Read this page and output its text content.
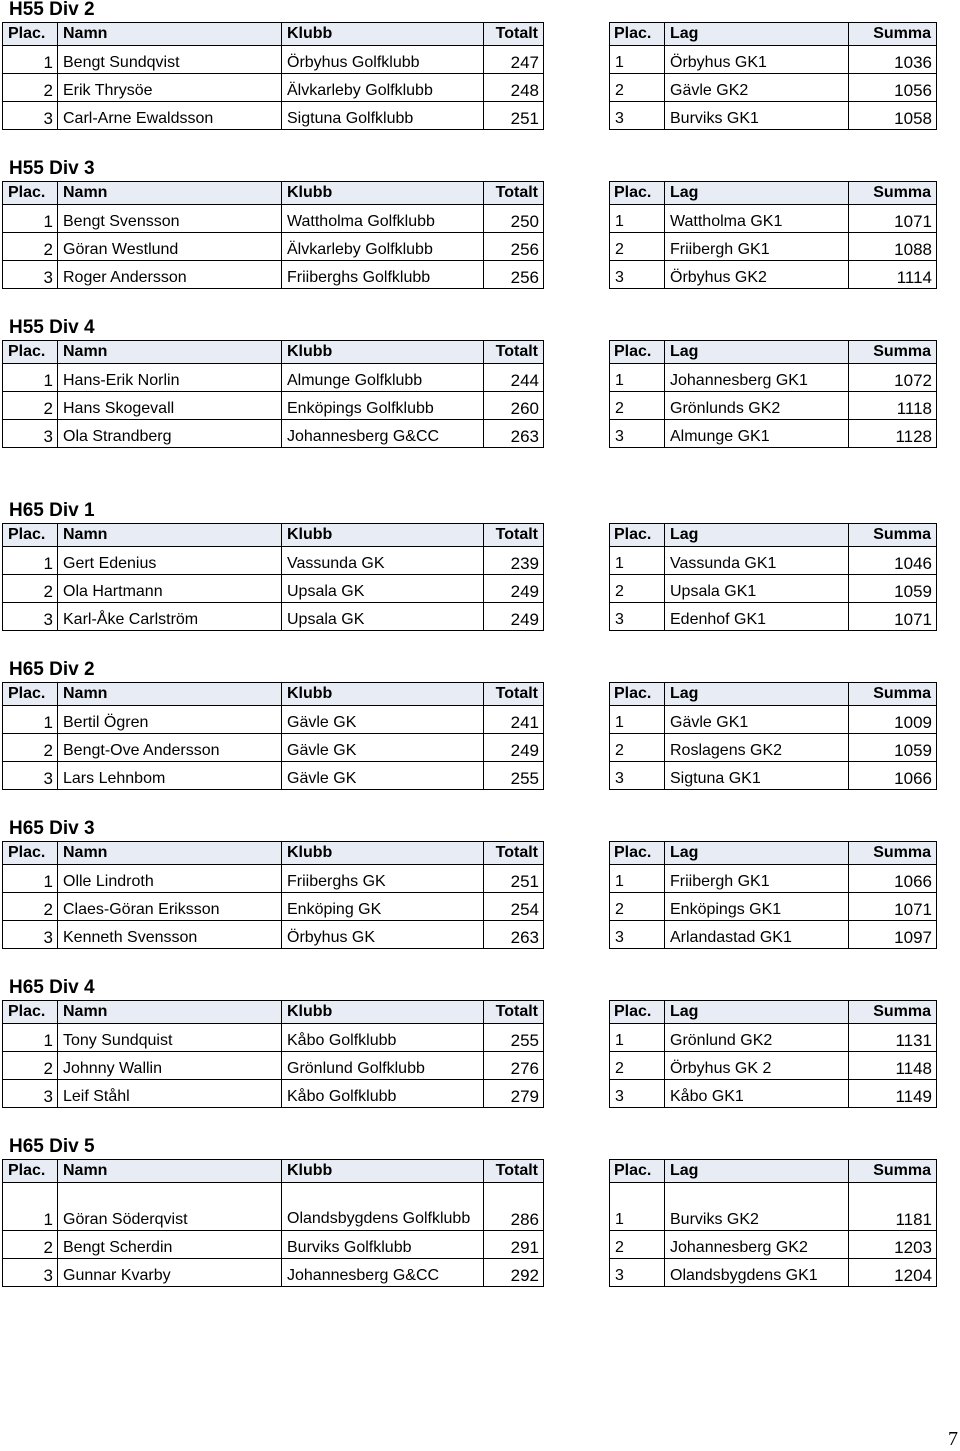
H55 Div 2
Plac.	Namn	Klubb	Totalt
1	Bengt Sundqvist	Örbyhus Golfklubb	247
2	Erik Thrysöe	Älvkarleby Golfklubb	248
3	Carl-Arne Ewaldsson	Sigtuna Golfklubb	251
Plac.	Lag	Summa
1	Örbyhus GK1	1036
2	Gävle GK2	1056
3	Burviks GK1	1058
H55 Div 3
Plac.	Namn	Klubb	Totalt
1	Bengt Svensson	Wattholma Golfklubb	250
2	Göran Westlund	Älvkarleby Golfklubb	256
3	Roger Andersson	Friiberghs Golfklubb	256
Plac.	Lag	Summa
1	Wattholma GK1	1071
2	Friibergh GK1	1088
3	Örbyhus GK2	1114
H55 Div 4
Plac.	Namn	Klubb	Totalt
1	Hans-Erik Norlin	Almunge Golfklubb	244
2	Hans Skogevall	Enköpings Golfklubb	260
3	Ola Strandberg	Johannesberg G&CC	263
Plac.	Lag	Summa
1	Johannesberg GK1	1072
2	Grönlunds GK2	1118
3	Almunge GK1	1128
H65 Div 1
Plac.	Namn	Klubb	Totalt
1	Gert Edenius	Vassunda GK	239
2	Ola Hartmann	Upsala GK	249
3	Karl-Åke Carlström	Upsala GK	249
Plac.	Lag	Summa
1	Vassunda GK1	1046
2	Upsala GK1	1059
3	Edenhof GK1	1071
H65 Div 2
Plac.	Namn	Klubb	Totalt
1	Bertil Ögren	Gävle GK	241
2	Bengt-Ove Andersson	Gävle GK	249
3	Lars Lehnbom	Gävle GK	255
Plac.	Lag	Summa
1	Gävle GK1	1009
2	Roslagens GK2	1059
3	Sigtuna GK1	1066
H65 Div 3
Plac.	Namn	Klubb	Totalt
1	Olle Lindroth	Friiberghs GK	251
2	Claes-Göran Eriksson	Enköping GK	254
3	Kenneth Svensson	Örbyhus GK	263
Plac.	Lag	Summa
1	Friibergh GK1	1066
2	Enköpings GK1	1071
3	Arlandastad GK1	1097
H65 Div 4
Plac.	Namn	Klubb	Totalt
1	Tony Sundquist	Kåbo Golfklubb	255
2	Johnny Wallin	Grönlund Golfklubb	276
3	Leif Ståhl	Kåbo Golfklubb	279
Plac.	Lag	Summa
1	Grönlund GK2	1131
2	Örbyhus GK 2	1148
3	Kåbo GK1	1149
H65 Div 5
Plac.	Namn	Klubb	Totalt
1	Göran Söderqvist	Olandsbygdens Golfklubb	286
2	Bengt Scherdin	Burviks Golfklubb	291
3	Gunnar Kvarby	Johannesberg G&CC	292
Plac.	Lag	Summa
1	Burviks GK2	1181
2	Johannesberg GK2	1203
3	Olandsbygdens GK1	1204
7
